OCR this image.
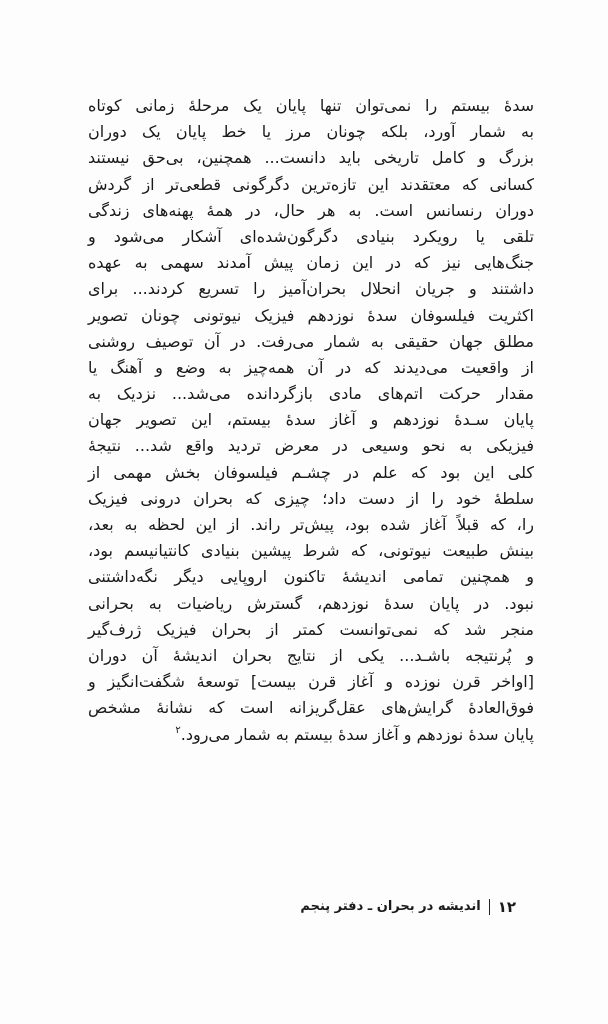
سدهٔ بیستم را نمی‌توان تنها پایان یک مرحلهٔ زمانی کوتاه
به شمار آورد، بلکه چونان مرز یا خط پایان یک دوران
بزرگ و کامل تاریخی باید دانست... همچنین، بی‌حق نیستند
کسانی که معتقدند این تازه‌ترین دگرگونی قطعی‌تر از گردش
دوران رنسانس است. به هر حال، در همهٔ پهنه‌های زندگی
تلقی یا رویکرد بنیادی دگرگون‌شده‌ای آشکار می‌شود و
جنگ‌هایی نیز که در این زمان پیش آمدند سهمی به عهده
داشتند و جریان انحلال بحران‌آمیز را تسریع کردند... برای
اکثریت فیلسوفان سدهٔ نوزدهم فیزیک نیوتونی چونان تصویر
مطلق جهان حقیقی به شمار می‌رفت. در آن توصیف روشنی
از واقعیت می‌دیدند که در آن همه‌چیز به وضع و آهنگ یا
مقدار حرکت اتم‌های مادی بازگردانده می‌شد... نزدیک به
پایان سـدهٔ نوزدهم و آغاز سدهٔ بیستم، این تصویر جهان
فیزیکی به نحو وسیعی در معرض تردید واقع شد... نتیجهٔ
کلی این بود که علم در چشـم فیلسوفان بخش مهمی از
سلطهٔ خود را از دست داد؛ چیزی که بحران درونی فیزیک
را، که قبلاً آغاز شده بود، پیش‌تر راند. از این لحظه به بعد،
بینش طبیعت نیوتونی، که شرط پیشین بنیادی کانتیانیسم بود،
و همچنین تمامی اندیشهٔ تاکنون اروپایی دیگر نگه‌داشتنی
نبود. در پایان سدهٔ نوزدهم، گسترش ریاضیات به بحرانی
منجر شد که نمی‌توانست کمتر از بحران فیزیک ژرف‌گیر
و پُرنتیجه باشـد... یکی از نتایج بحران اندیشهٔ آن دوران
[اواخر قرن نوزده و آغاز قرن بیست] توسعهٔ شگفت‌انگیز و
فوق‌العادهٔ گرایش‌های عقل‌گریزانه است که نشانهٔ مشخص
پایان سدهٔ نوزدهم و آغاز سدهٔ بیستم به شمار می‌رود.$^۲$
۱۲
اندیشه در بحران ـ دفتر پنجم
